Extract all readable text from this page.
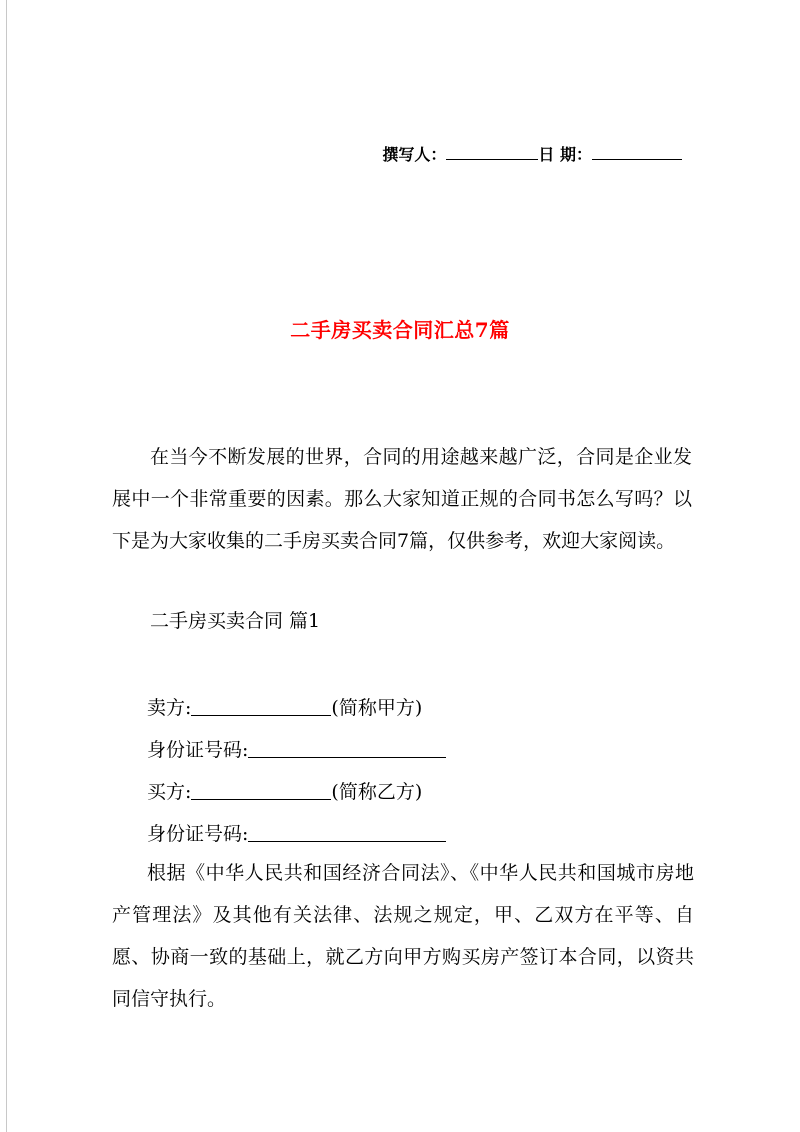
撰写人：	日 期：
二手房买卖合同汇总7篇
在当今不断发展的世界，合同的用途越来越广泛，合同是企业发展中一个非常重要的因素。那么大家知道正规的合同书怎么写吗？以下是为大家收集的二手房买卖合同7篇，仅供参考，欢迎大家阅读。
二手房买卖合同 篇1
卖方:	(简称甲方)
身份证号码:
买方:	(简称乙方)
身份证号码:
根据《中华人民共和国经济合同法》、《中华人民共和国城市房地产管理法》及其他有关法律、法规之规定，甲、乙双方在平等、自愿、协商一致的基础上，就乙方向甲方购买房产签订本合同，以资共同信守执行。
